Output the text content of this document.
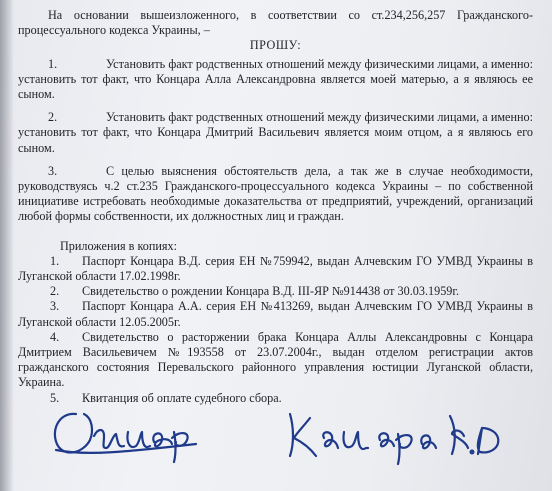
На основании вышеизложенного, в соответствии со ст.234,256,257 Гражданского-процессуального кодекса Украины, –

ПРОШУ:

1.	Установить факт родственных отношений между физическими лицами, а именно: установить тот факт, что Концара Алла Александровна является моей матерью, а я являюсь ее сыном.

2.	Установить факт родственных отношений между физическими лицами, а именно: установить тот факт, что Концара Дмитрий Васильевич является моим отцом, а я являюсь его сыном.

3.	С целью выяснения обстоятельств дела, а так же в случае необходимости, руководствуясь ч.2 ст.235 Гражданского-процессуального кодекса Украины – по собственной инициативе истребовать необходимые доказательства от предприятий, учреждений, организаций любой формы собственности, их должностных лиц и граждан.

Приложения в копиях:

1. Паспорт Концара В.Д. серия ЕН №759942, выдан Алчевским ГО УМВД Украины в Луганской области 17.02.1998г.

2. Свидетельство о рождении Концара В.Д. III-ЯР №914438 от 30.03.1959г.

3. Паспорт Концара А.А. серия ЕН №413269, выдан Алчевским ГО УМВД Украины в Луганской области 12.05.2005г.

4. Свидетельство о расторжении брака Концара Аллы Александровны с Концара Дмитрием Васильевичем №193558 от 23.07.2004г., выдан отделом регистрации актов гражданского состояния Перевальского районного управления юстиции Луганской области, Украина.

5. Квитанция об оплате судебного сбора.
